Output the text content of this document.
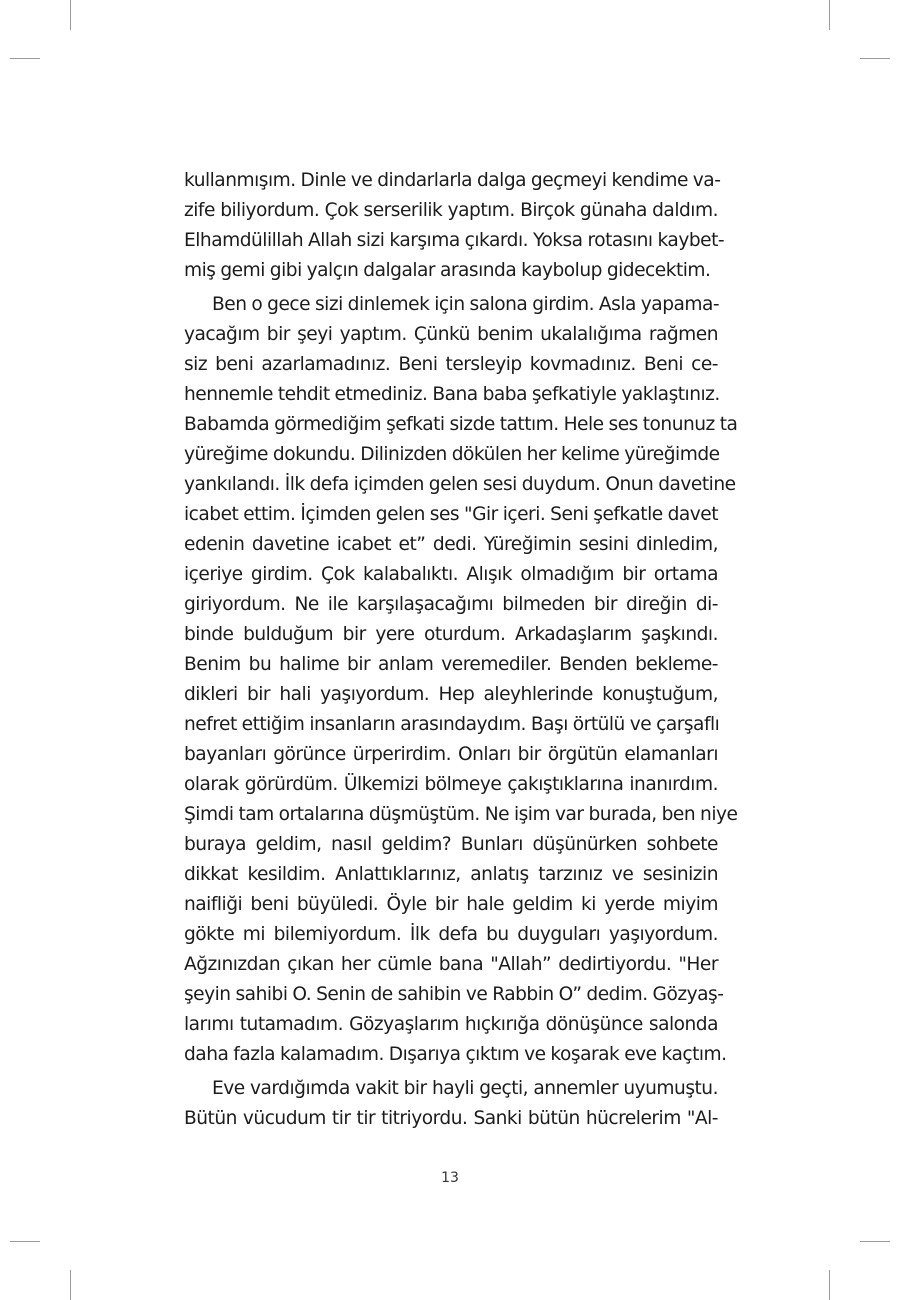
kullanmışım. Dinle ve dindarlarla dalga geçmeyi kendime va-
zife biliyordum. Çok serserilik yaptım. Birçok günaha daldım.
Elhamdülillah Allah sizi karşıma çıkardı. Yoksa rotasını kaybet-
miş gemi gibi yalçın dalgalar arasında kaybolup gidecektim.
Ben o gece sizi dinlemek için salona girdim. Asla yapama-
yacağım bir şeyi yaptım. Çünkü benim ukalalığıma rağmen
siz beni azarlamadınız. Beni tersleyip kovmadınız. Beni ce-
hennemle tehdit etmediniz. Bana baba şefkatiyle yaklaştınız.
Babamda görmediğim şefkati sizde tattım. Hele ses tonunuz ta
yüreğime dokundu. Dilinizden dökülen her kelime yüreğimde
yankılandı. İlk defa içimden gelen sesi duydum. Onun davetine
icabet ettim. İçimden gelen ses "Gir içeri. Seni şefkatle davet
edenin davetine icabet et” dedi. Yüreğimin sesini dinledim,
içeriye girdim. Çok kalabalıktı. Alışık olmadığım bir ortama
giriyordum. Ne ile karşılaşacağımı bilmeden bir direğin di-
binde bulduğum bir yere oturdum. Arkadaşlarım şaşkındı.
Benim bu halime bir anlam veremediler. Benden bekleme-
dikleri bir hali yaşıyordum. Hep aleyhlerinde konuştuğum,
nefret ettiğim insanların arasındaydım. Başı örtülü ve çarşaflı
bayanları görünce ürperirdim. Onları bir örgütün elamanları
olarak görürdüm. Ülkemizi bölmeye çakıştıklarına inanırdım.
Şimdi tam ortalarına düşmüştüm. Ne işim var burada, ben niye
buraya geldim, nasıl geldim? Bunları düşünürken sohbete
dikkat kesildim. Anlattıklarınız, anlatış tarzınız ve sesinizin
naifliği beni büyüledi. Öyle bir hale geldim ki yerde miyim
gökte mi bilemiyordum. İlk defa bu duyguları yaşıyordum.
Ağzınızdan çıkan her cümle bana "Allah” dedirtiyordu. "Her
şeyin sahibi O. Senin de sahibin ve Rabbin O” dedim. Gözyaş-
larımı tutamadım. Gözyaşlarım hıçkırığa dönüşünce salonda
daha fazla kalamadım. Dışarıya çıktım ve koşarak eve kaçtım.
Eve vardığımda vakit bir hayli geçti, annemler uyumuştu.
Bütün vücudum tir tir titriyordu. Sanki bütün hücrelerim "Al-
13
